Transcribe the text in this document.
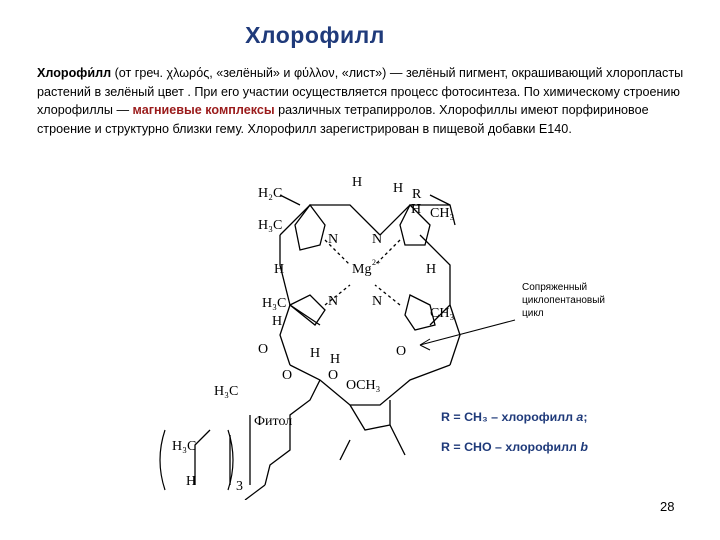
Хлорофилл
Хлорофи́лл (от греч. χλωρός, «зелёный» и φύλλον, «лист») — зелёный пигмент, окрашивающий хлоропласты растений в зелёный цвет . При его участии осуществляется процесс фотосинтеза. По химическому строению хлорофиллы — магниевые комплексы различных тетрапирролов. Хлорофиллы имеют порфириновое строение и структурно близки гему. Хлорофилл зарегистрирован в пищевой добавки E140.
H₂C
H H R
H CH₃
H₃C
N N
Mg 2+
H	H
N N
H₃C
H
CH₃
H H
O
O
O
O
OCH₃
H₃C
Фитол
H₃C
H	3
Сопряженный
циклопентановый
цикл
R = CH₃ – хлорофилл a;
R = CHO – хлорофилл b
28
